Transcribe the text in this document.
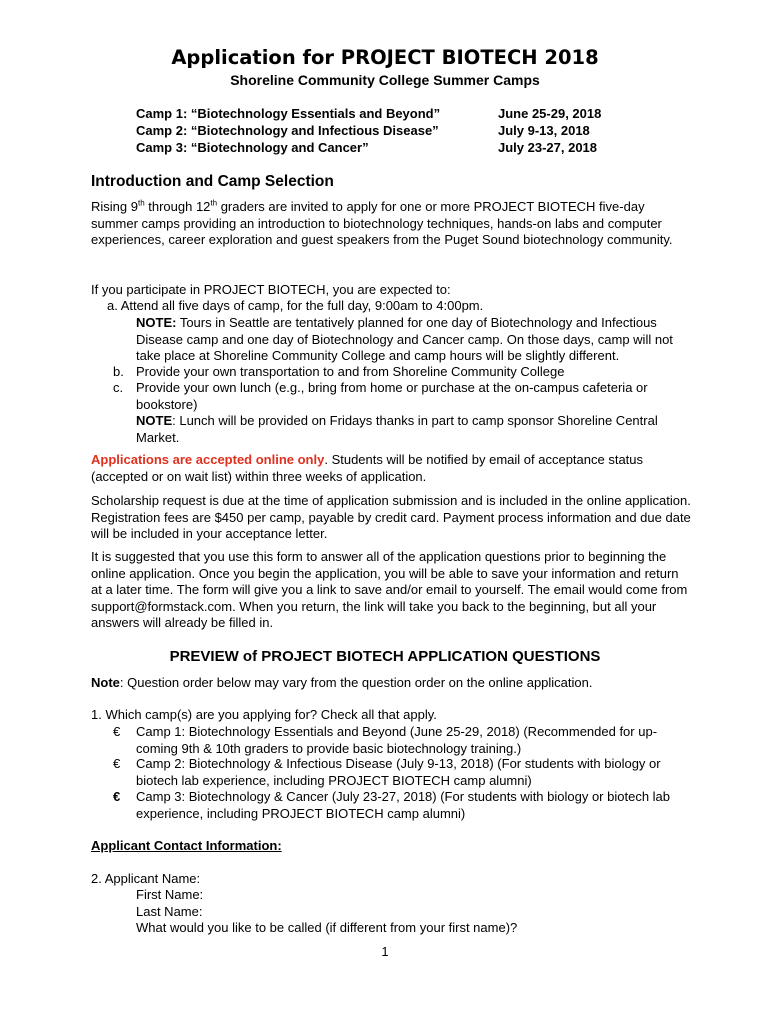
Application for PROJECT BIOTECH 2018
Shoreline Community College Summer Camps
Camp 1: “Biotechnology Essentials and Beyond”	June 25-29, 2018
Camp 2: “Biotechnology and Infectious Disease”	July 9-13, 2018
Camp 3: “Biotechnology and Cancer”	July 23-27, 2018
Introduction and Camp Selection
Rising 9th through 12th graders are invited to apply for one or more PROJECT BIOTECH five-day summer camps providing an introduction to biotechnology techniques, hands-on labs and computer experiences, career exploration and guest speakers from the Puget Sound biotechnology community.
If you participate in PROJECT BIOTECH, you are expected to:
a. Attend all five days of camp, for the full day, 9:00am to 4:00pm.
NOTE: Tours in Seattle are tentatively planned for one day of Biotechnology and Infectious Disease camp and one day of Biotechnology and Cancer camp. On those days, camp will not take place at Shoreline Community College and camp hours will be slightly different.
b. Provide your own transportation to and from Shoreline Community College
c. Provide your own lunch (e.g., bring from home or purchase at the on-campus cafeteria or bookstore)
NOTE: Lunch will be provided on Fridays thanks in part to camp sponsor Shoreline Central Market.
Applications are accepted online only. Students will be notified by email of acceptance status (accepted or on wait list) within three weeks of application.
Scholarship request is due at the time of application submission and is included in the online application. Registration fees are $450 per camp, payable by credit card. Payment process information and due date will be included in your acceptance letter.
It is suggested that you use this form to answer all of the application questions prior to beginning the online application. Once you begin the application, you will be able to save your information and return at a later time. The form will give you a link to save and/or email to yourself. The email would come from support@formstack.com. When you return, the link will take you back to the beginning, but all your answers will already be filled in.
PREVIEW of PROJECT BIOTECH APPLICATION QUESTIONS
Note: Question order below may vary from the question order on the online application.
1. Which camp(s) are you applying for? Check all that apply.
€ Camp 1: Biotechnology Essentials and Beyond (June 25-29, 2018) (Recommended for up-coming 9th & 10th graders to provide basic biotechnology training.)
€ Camp 2: Biotechnology & Infectious Disease (July 9-13, 2018) (For students with biology or biotech lab experience, including PROJECT BIOTECH camp alumni)
€ Camp 3: Biotechnology & Cancer (July 23-27, 2018) (For students with biology or biotech lab experience, including PROJECT BIOTECH camp alumni)
Applicant Contact Information:
2. Applicant Name:
First Name:
Last Name:
What would you like to be called (if different from your first name)?
1
